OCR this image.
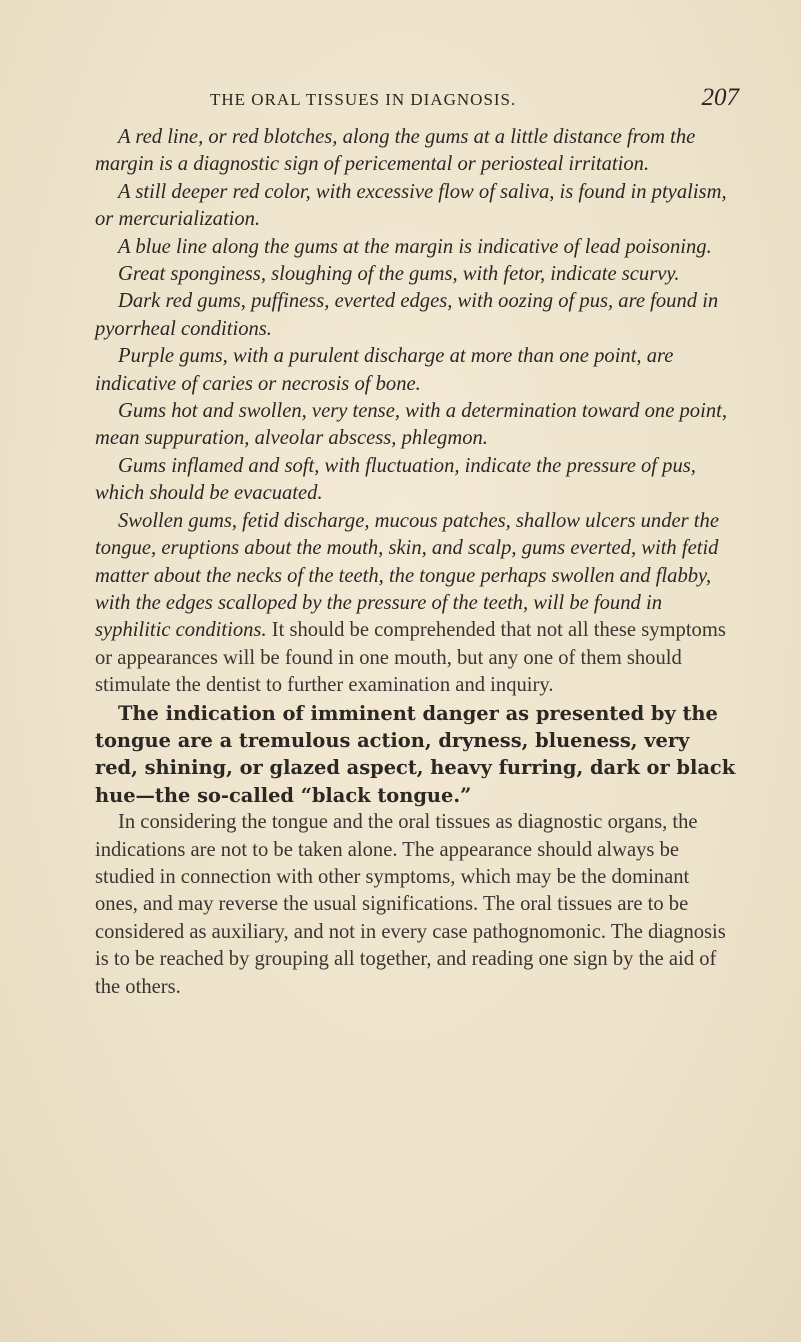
THE ORAL TISSUES IN DIAGNOSIS.	207

A red line, or red blotches, along the gums at a little distance from the margin is a diagnostic sign of pericemental or periosteal irritation.

A still deeper red color, with excessive flow of saliva, is found in ptyalism, or mercurialization.

A blue line along the gums at the margin is indicative of lead poisoning.

Great sponginess, sloughing of the gums, with fetor, indicate scurvy.

Dark red gums, puffiness, everted edges, with oozing of pus, are found in pyorrheal conditions.

Purple gums, with a purulent discharge at more than one point, are indicative of caries or necrosis of bone.

Gums hot and swollen, very tense, with a determination toward one point, mean suppuration, alveolar abscess, phlegmon.

Gums inflamed and soft, with fluctuation, indicate the pressure of pus, which should be evacuated.

Swollen gums, fetid discharge, mucous patches, shallow ulcers under the tongue, eruptions about the mouth, skin, and scalp, gums everted, with fetid matter about the necks of the teeth, the tongue perhaps swollen and flabby, with the edges scalloped by the pressure of the teeth, will be found in syphilitic conditions. It should be comprehended that not all these symptoms or appearances will be found in one mouth, but any one of them should stimulate the dentist to further examination and inquiry.

The indication of imminent danger as presented by the tongue are a tremulous action, dryness, blueness, very red, shining, or glazed aspect, heavy furring, dark or black hue—the so-called “black tongue.”

In considering the tongue and the oral tissues as diagnostic organs, the indications are not to be taken alone. The appearance should always be studied in connection with other symptoms, which may be the dominant ones, and may reverse the usual significations. The oral tissues are to be considered as auxiliary, and not in every case pathognomonic. The diagnosis is to be reached by grouping all together, and reading one sign by the aid of the others.
